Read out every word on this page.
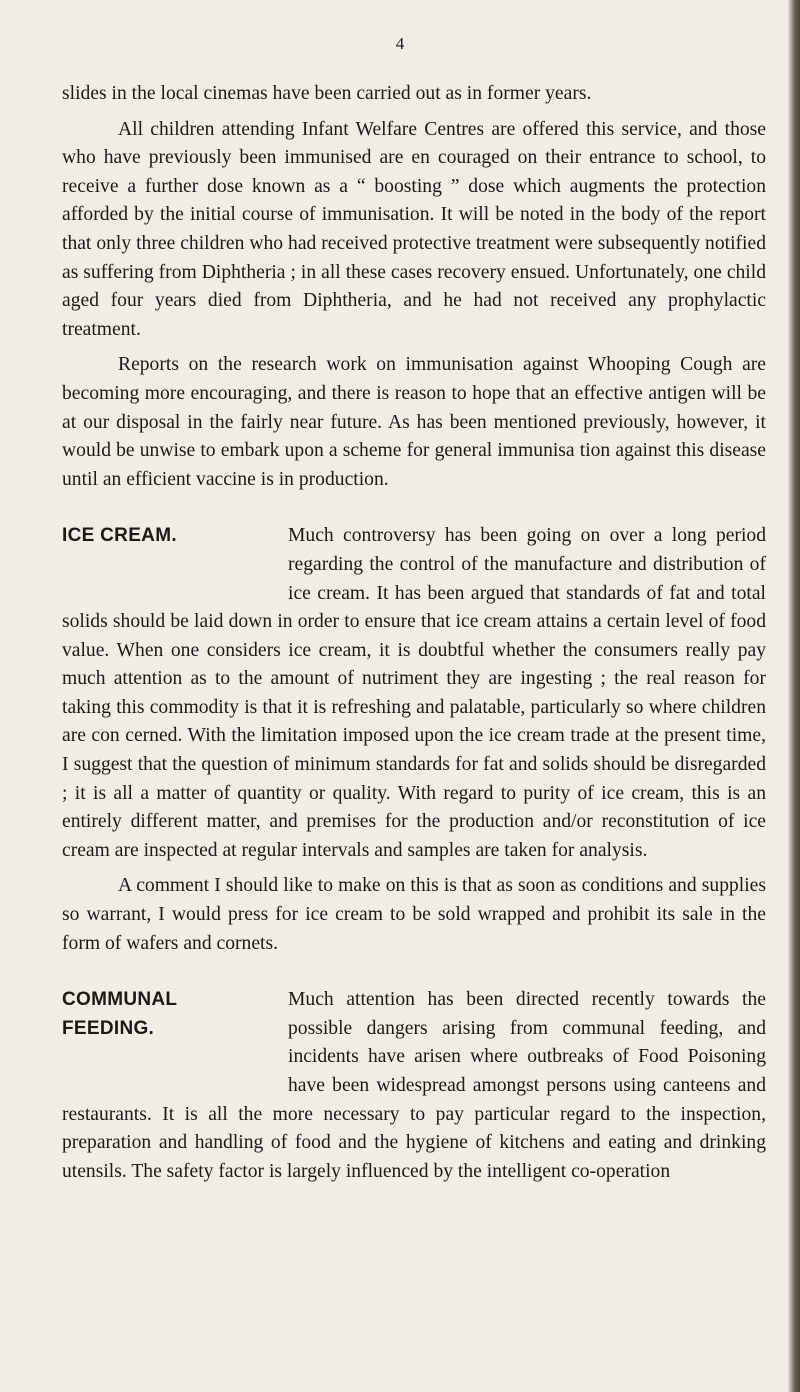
4

slides in the local cinemas have been carried out as in former years.

All children attending Infant Welfare Centres are offered this service, and those who have previously been immunised are en couraged on their entrance to school, to receive a further dose known as a “ boosting ” dose which augments the protection afforded by the initial course of immunisation. It will be noted in the body of the report that only three children who had received protective treatment were subsequently notified as suffering from Diphtheria ; in all these cases recovery ensued. Unfortunately, one child aged four years died from Diphtheria, and he had not received any prophylactic treatment.

Reports on the research work on immunisation against Whooping Cough are becoming more encouraging, and there is reason to hope that an effective antigen will be at our disposal in the fairly near future. As has been mentioned previously, however, it would be unwise to embark upon a scheme for general immunisa tion against this disease until an efficient vaccine is in production.

ICE CREAM.	Much controversy has been going on over a long period regarding the control of the manufacture and distribution of ice cream. It has been argued that standards of fat and total solids should be laid down in order to ensure that ice cream attains a certain level of food value. When one considers ice cream, it is doubtful whether the consumers really pay much attention as to the amount of nutriment they are ingesting ; the real reason for taking this commodity is that it is refreshing and palatable, particularly so where children are con cerned. With the limitation imposed upon the ice cream trade at the present time, I suggest that the question of minimum standards for fat and solids should be disregarded ; it is all a matter of quantity or quality. With regard to purity of ice cream, this is an entirely different matter, and premises for the production and/or reconstitution of ice cream are inspected at regular intervals and samples are taken for analysis.

A comment I should like to make on this is that as soon as conditions and supplies so warrant, I would press for ice cream to be sold wrapped and prohibit its sale in the form of wafers and cornets.

COMMUNAL
FEEDING.

Much attention has been directed recently towards the possible dangers arising from communal feeding, and incidents have arisen where outbreaks of Food Poisoning have been widespread amongst persons using canteens and restaurants. It is all the more necessary to pay particular regard to the inspection, preparation and handling of food and the hygiene of kitchens and eating and drinking utensils. The safety factor is largely influenced by the intelligent co-operation
